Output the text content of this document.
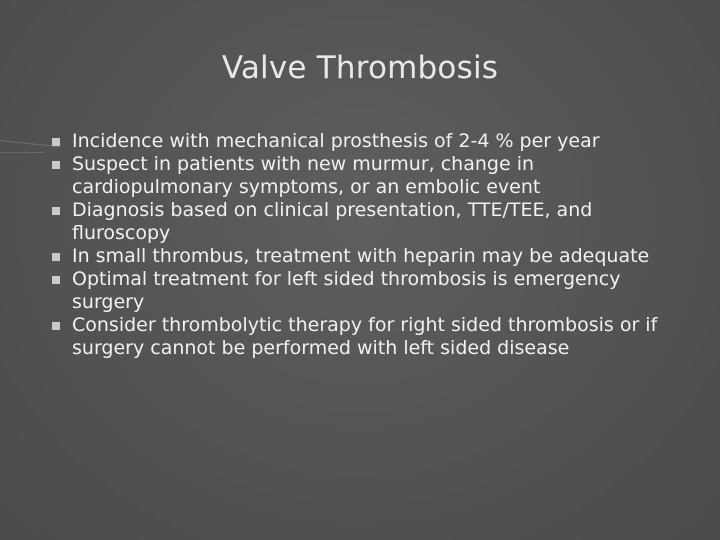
Valve Thrombosis
Incidence with mechanical prosthesis of 2-4 % per year
Suspect in patients with new murmur, change in cardiopulmonary symptoms, or an embolic event
Diagnosis based on clinical presentation, TTE/TEE, and fluroscopy
In small thrombus, treatment with heparin may be adequate
Optimal treatment for left sided thrombosis is emergency surgery
Consider thrombolytic therapy for right sided thrombosis or if surgery cannot be performed with left sided disease
